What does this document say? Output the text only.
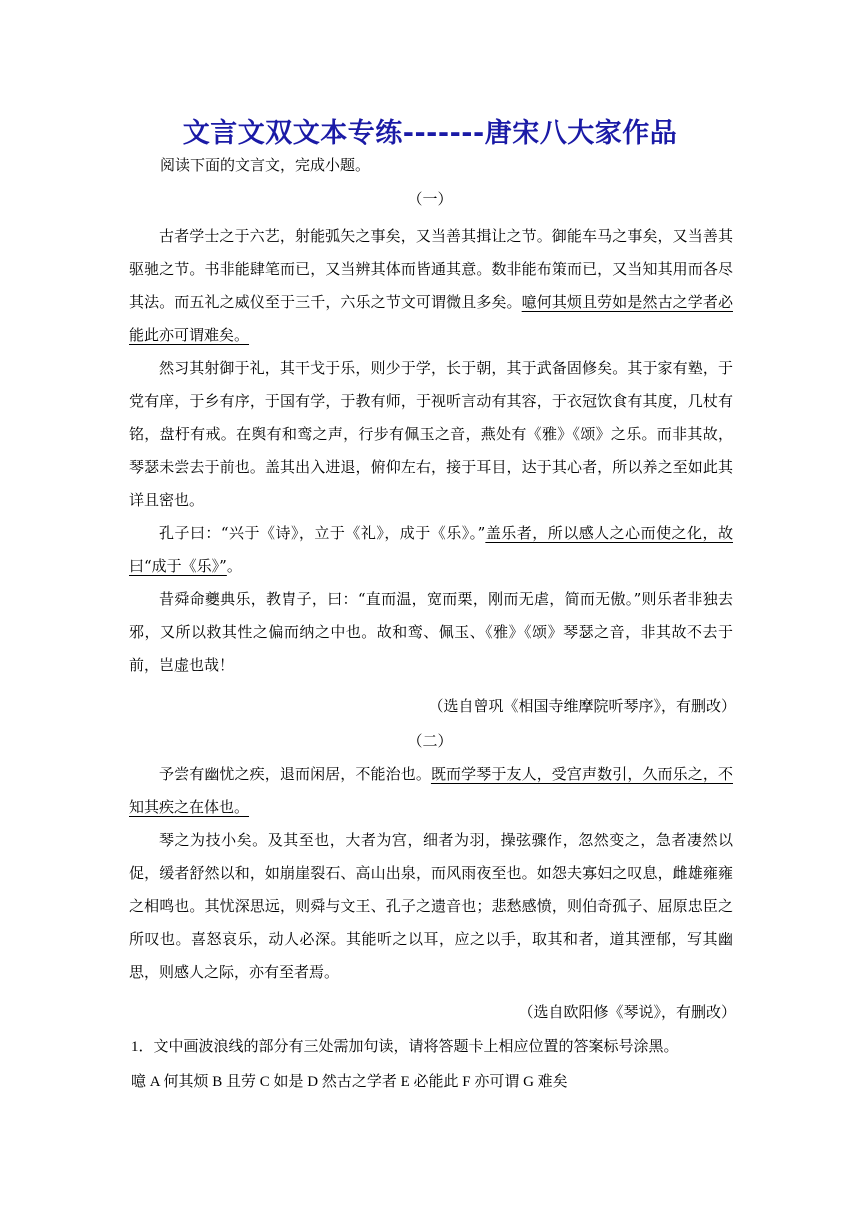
文言文双文本专练-------唐宋八大家作品
阅读下面的文言文，完成小题。
（一）

古者学士之于六艺，射能弧矢之事矣，又当善其揖让之节。御能车马之事矣，又当善其驱驰之节。书非能肆笔而已，又当辨其体而皆通其意。数非能布策而已，又当知其用而各尽其法。而五礼之威仪至于三千，六乐之节文可谓微且多矣。噫何其烦且劳如是然古之学者必能此亦可谓难矣。

然习其射御于礼，其干戈于乐，则少于学，长于朝，其于武备固修矣。其于家有塾，于党有庠，于乡有序，于国有学，于教有师，于视听言动有其容，于衣冠饮食有其度，几杖有铭，盘杅有戒。在舆有和鸾之声，行步有佩玉之音，燕处有《雅》《颂》之乐。而非其故，琴瑟未尝去于前也。盖其出入进退，俯仰左右，接于耳目，达于其心者，所以养之至如此其详且密也。

孔子曰：“兴于《诗》，立于《礼》，成于《乐》。”盖乐者，所以感人之心而使之化，故曰“成于《乐》”。

昔舜命夔典乐，教胄子，曰：“直而温，宽而栗，刚而无虐，简而无傲。”则乐者非独去邪，又所以救其性之偏而纳之中也。故和鸾、佩玉、《雅》《颂》琴瑟之音，非其故不去于前，岂虚也哉！

（选自曾巩《相国寺维摩院听琴序》，有删改）
（二）

予尝有幽忧之疾，退而闲居，不能治也。既而学琴于友人，受宫声数引，久而乐之，不知其疾之在体也。

琴之为技小矣。及其至也，大者为宫，细者为羽，操弦骤作，忽然变之，急者凄然以促，缓者舒然以和，如崩崖裂石、高山出泉，而风雨夜至也。如怨夫寡妇之叹息，雌雄雍雍之相鸣也。其忧深思远，则舜与文王、孔子之遗音也；悲愁感愤，则伯奇孤子、屈原忠臣之所叹也。喜怒哀乐，动人必深。其能听之以耳，应之以手，取其和者，道其湮郁，写其幽思，则感人之际，亦有至者焉。

（选自欧阳修《琴说》，有删改）
1．文中画波浪线的部分有三处需加句读，请将答题卡上相应位置的答案标号涂黑。
噫 A 何其烦 B 且劳 C 如是 D 然古之学者 E 必能此 F 亦可谓 G 难矣
